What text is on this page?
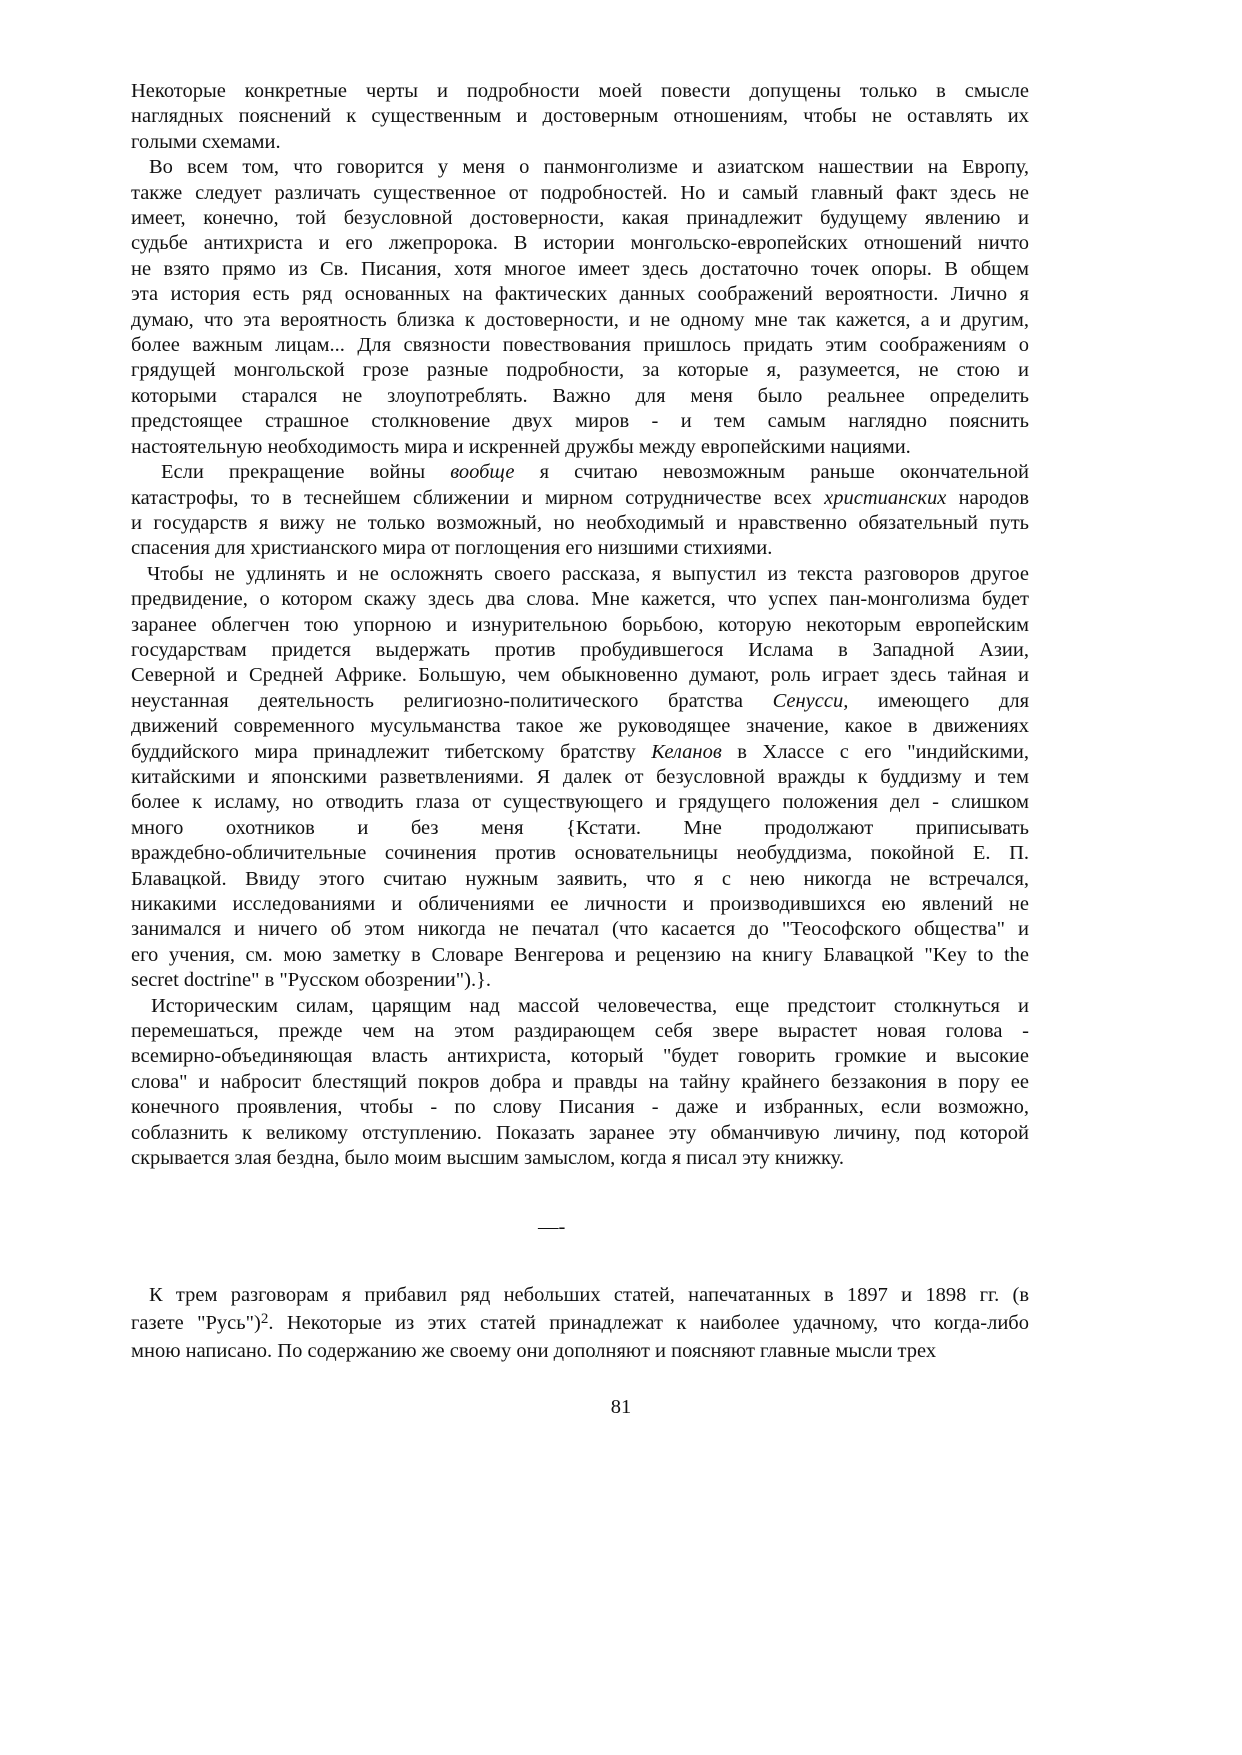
Некоторые конкретные черты и подробности моей повести допущены только в смысле
наглядных пояснений к существенным и достоверным отношениям, чтобы не оставлять их
голыми схемами.
Во всем том, что говорится у меня о панмонголизме и азиатском нашествии на Европу,
также следует различать существенное от подробностей. Но и самый главный факт здесь не
имеет, конечно, той безусловной достоверности, какая принадлежит будущему явлению и
судьбе антихриста и его лжепророка. В истории монгольско-европейских отношений ничто
не взято прямо из Св. Писания, хотя многое имеет здесь достаточно точек опоры. В общем
эта история есть ряд основанных на фактических данных соображений вероятности. Лично я
думаю, что эта вероятность близка к достоверности, и не одному мне так кажется, а и другим,
более важным лицам... Для связности повествования пришлось придать этим соображениям о
грядущей монгольской грозе разные подробности, за которые я, разумеется, не стою и
которыми старался не злоупотреблять. Важно для меня было реальнее определить
предстоящее страшное столкновение двух миров - и тем самым наглядно пояснить
настоятельную необходимость мира и искренней дружбы между европейскими нациями.
Если прекращение войны вообще я считаю невозможным раньше окончательной
катастрофы, то в теснейшем сближении и мирном сотрудничестве всех христианских народов
и государств я вижу не только возможный, но необходимый и нравственно обязательный путь
спасения для христианского мира от поглощения его низшими стихиями.
Чтобы не удлинять и не осложнять своего рассказа, я выпустил из текста разговоров другое
предвидение, о котором скажу здесь два слова. Мне кажется, что успех пан-монголизма будет
заранее облегчен тою упорною и изнурительною борьбою, которую некоторым европейским
государствам придется выдержать против пробудившегося Ислама в Западной Азии,
Северной и Средней Африке. Большую, чем обыкновенно думают, роль играет здесь тайная и
неустанная деятельность религиозно-политического братства Сенусси, имеющего для
движений современного мусульманства такое же руководящее значение, какое в движениях
буддийского мира принадлежит тибетскому братству Келанов в Хлассе с его "индийскими,
китайскими и японскими разветвлениями. Я далек от безусловной вражды к буддизму и тем
более к исламу, но отводить глаза от существующего и грядущего положения дел - слишком
много охотников и без меня {Кстати. Мне продолжают приписывать
враждебно-обличительные сочинения против основательницы необуддизма, покойной Е. П.
Блавацкой. Ввиду этого считаю нужным заявить, что я с нею никогда не встречался,
никакими исследованиями и обличениями ее личности и производившихся ею явлений не
занимался и ничего об этом никогда не печатал (что касается до "Теософского общества" и
его учения, см. мою заметку в Словаре Венгерова и рецензию на книгу Блавацкой "Key to the
secret doctrine" в "Русском обозрении").}.
Историческим силам, царящим над массой человечества, еще предстоит столкнуться и
перемешаться, прежде чем на этом раздирающем себя звере вырастет новая голова -
всемирно-объединяющая власть антихриста, который "будет говорить громкие и высокие
слова" и набросит блестящий покров добра и правды на тайну крайнего беззакония в пору ее
конечного проявления, чтобы - по слову Писания - даже и избранных, если возможно,
соблазнить к великому отступлению. Показать заранее эту обманчивую личину, под которой
скрывается злая бездна, было моим высшим замыслом, когда я писал эту книжку.
—-
К трем разговорам я прибавил ряд небольших статей, напечатанных в 1897 и 1898 гг. (в
газете "Русь")$^2$. Некоторые из этих статей принадлежат к наиболее удачному, что когда-либо
мною написано. По содержанию же своему они дополняют и поясняют главные мысли трех
81
